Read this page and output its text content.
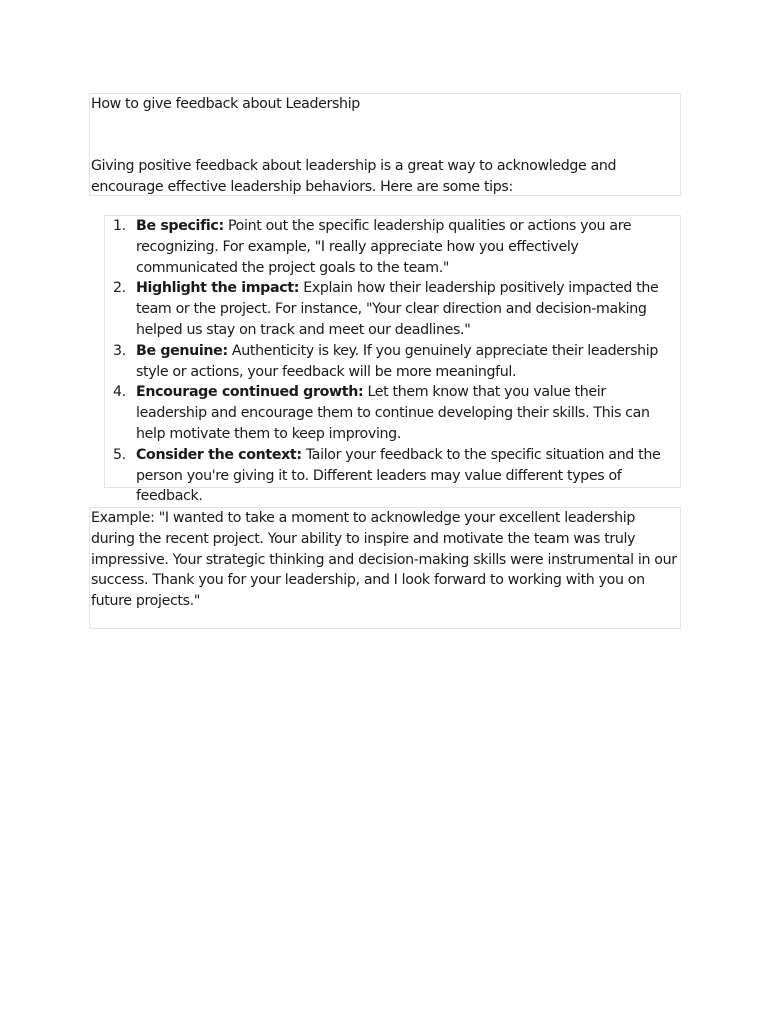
How to give feedback about Leadership

Giving positive feedback about leadership is a great way to acknowledge and encourage effective leadership behaviors. Here are some tips:

1. Be specific: Point out the specific leadership qualities or actions you are recognizing. For example, "I really appreciate how you effectively communicated the project goals to the team."
2. Highlight the impact: Explain how their leadership positively impacted the team or the project. For instance, "Your clear direction and decision-making helped us stay on track and meet our deadlines."
3. Be genuine: Authenticity is key. If you genuinely appreciate their leadership style or actions, your feedback will be more meaningful.
4. Encourage continued growth: Let them know that you value their leadership and encourage them to continue developing their skills. This can help motivate them to keep improving.
5. Consider the context: Tailor your feedback to the specific situation and the person you're giving it to. Different leaders may value different types of feedback.

Example: "I wanted to take a moment to acknowledge your excellent leadership during the recent project. Your ability to inspire and motivate the team was truly impressive. Your strategic thinking and decision-making skills were instrumental in our success. Thank you for your leadership, and I look forward to working with you on future projects."
